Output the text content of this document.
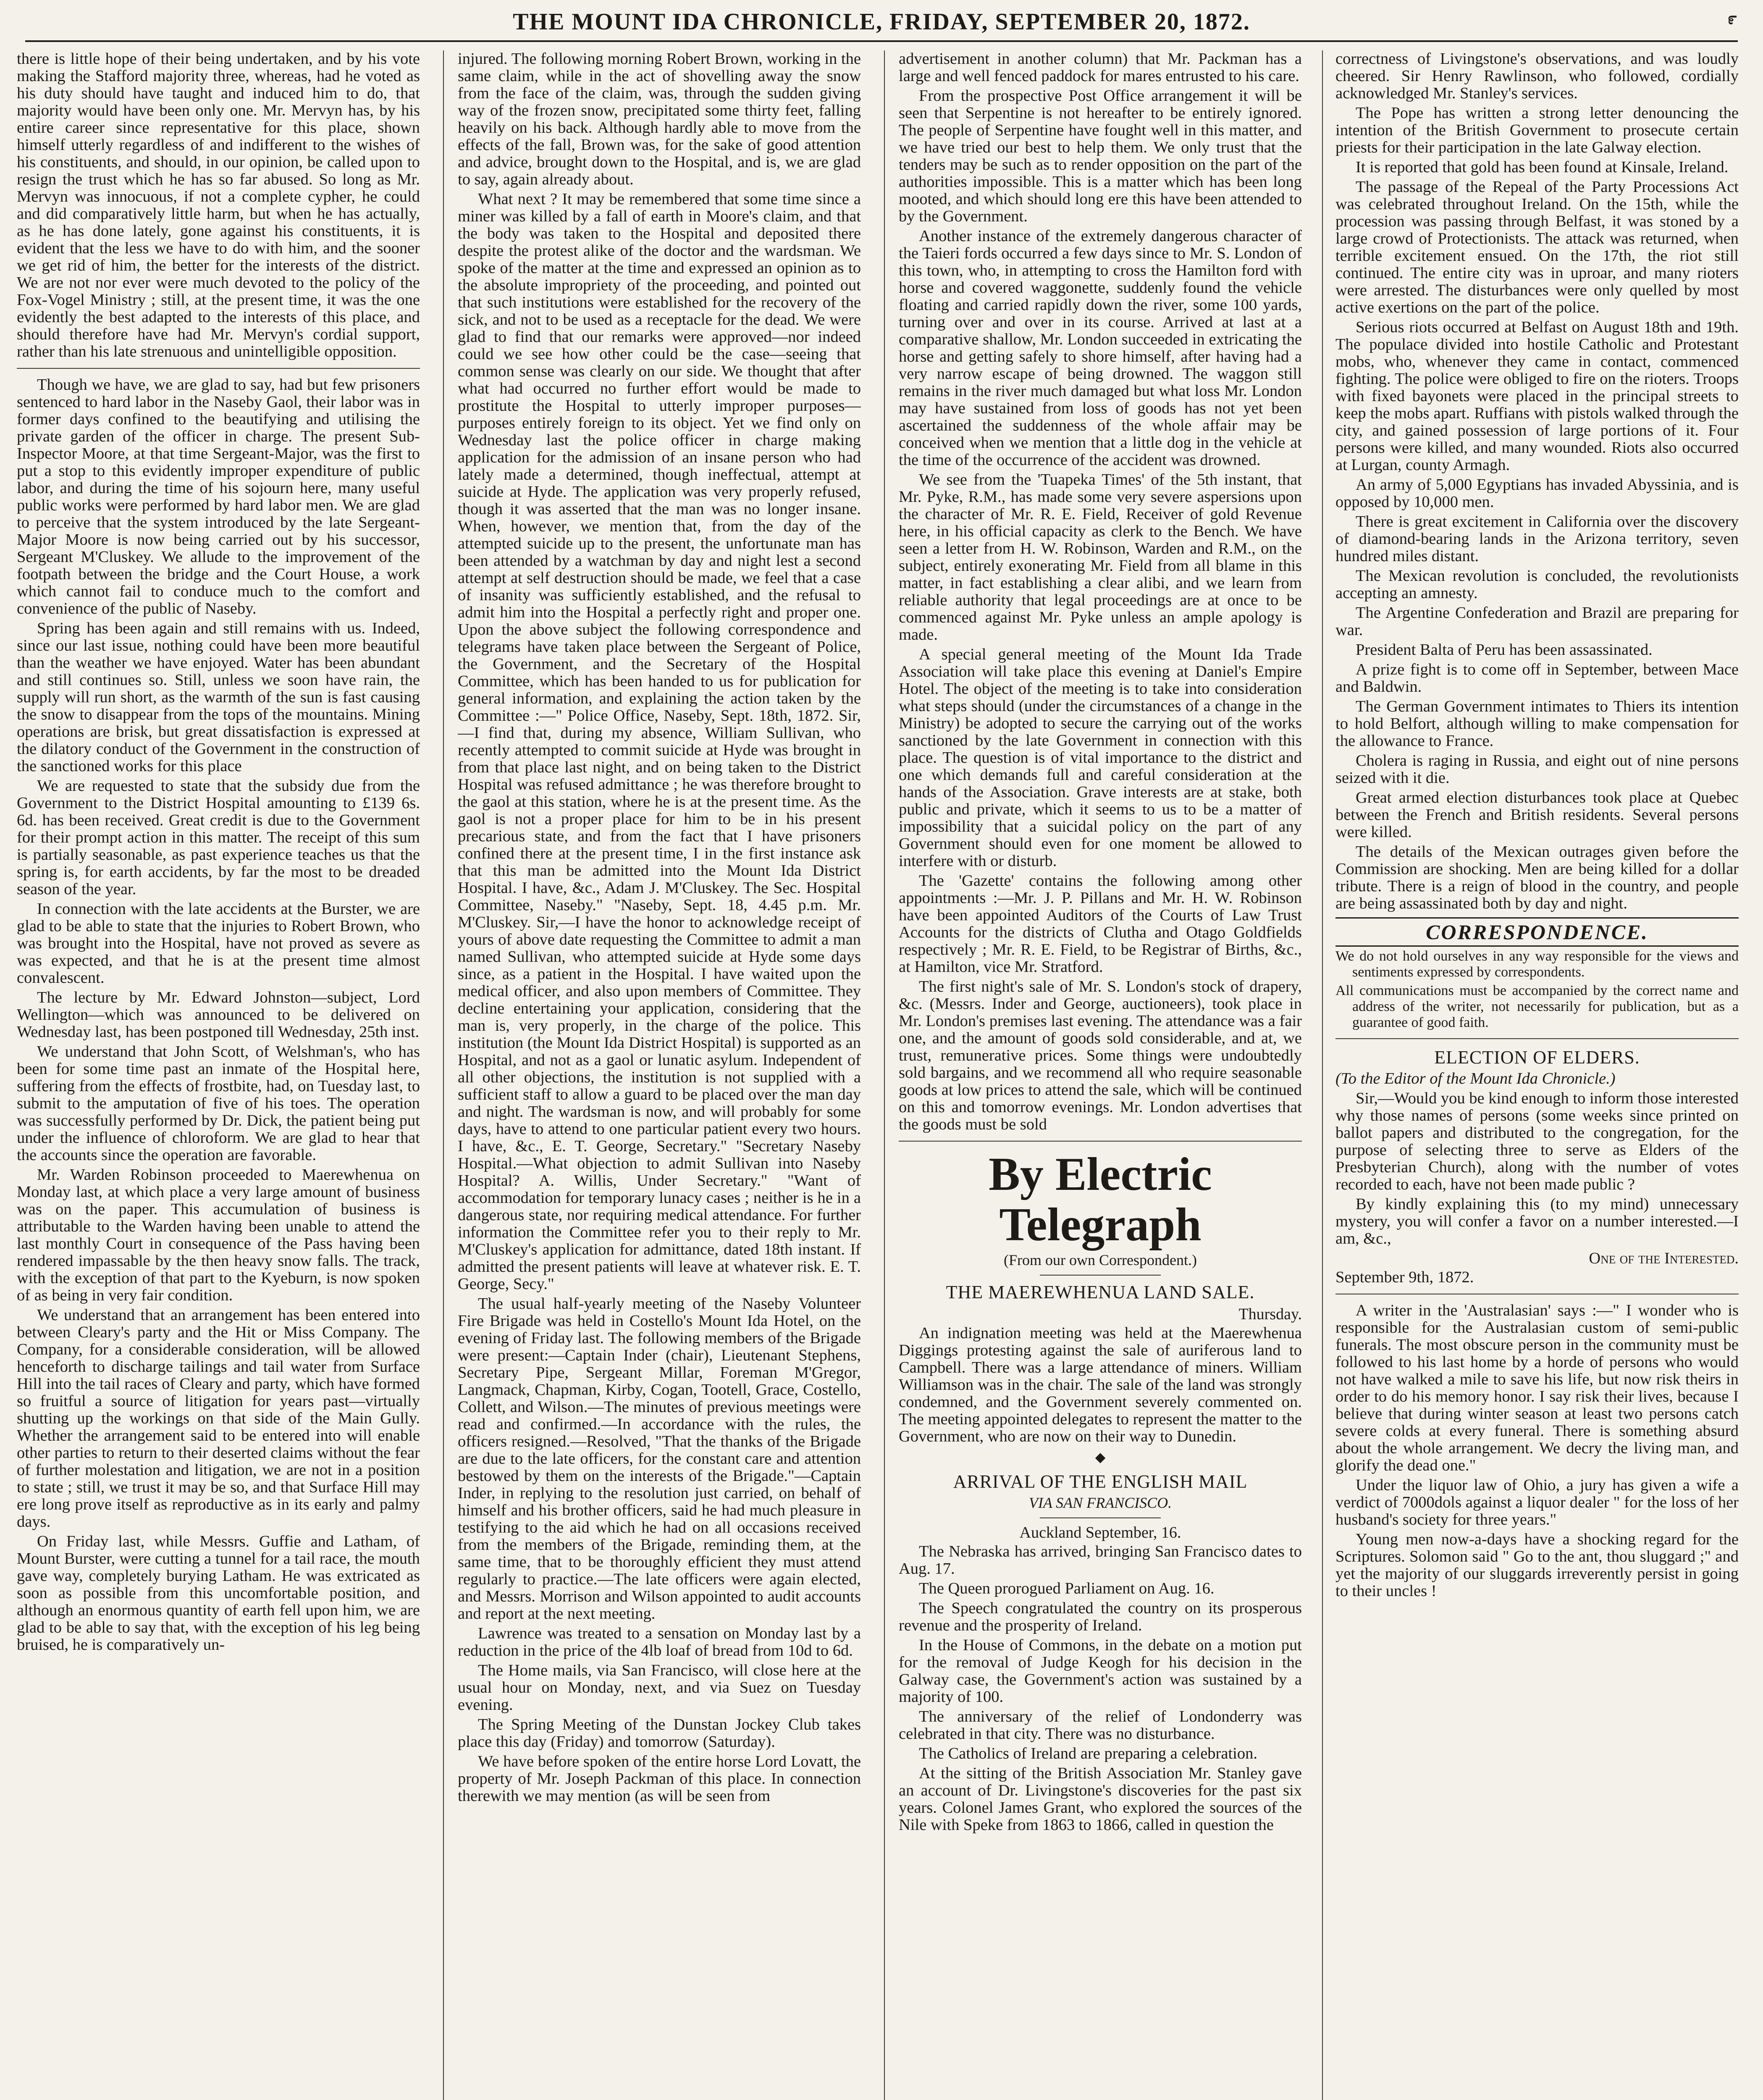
THE MOUNT IDA CHRONICLE, FRIDAY, SEPTEMBER 20, 1872.	೯

there is little hope of their being undertaken, and by his vote making the Stafford majority three, whereas, had he voted as his duty should have taught and induced him to do, that majority would have been only one. Mr. Mervyn has, by his entire career since representative for this place, shown himself utterly regardless of and indifferent to the wishes of his constituents, and should, in our opinion, be called upon to resign the trust which he has so far abused. So long as Mr. Mervyn was innocuous, if not a complete cypher, he could and did comparatively little harm, but when he has actually, as he has done lately, gone against his constituents, it is evident that the less we have to do with him, and the sooner we get rid of him, the better for the interests of the district. We are not nor ever were much devoted to the policy of the Fox-Vogel Ministry ; still, at the present time, it was the one evidently the best adapted to the interests of this place, and should therefore have had Mr. Mervyn's cordial support, rather than his late strenuous and unintelligible opposition.

Though we have, we are glad to say, had but few prisoners sentenced to hard labor in the Naseby Gaol, their labor was in former days confined to the beautifying and utilising the private garden of the officer in charge. The present Sub-Inspector Moore, at that time Sergeant-Major, was the first to put a stop to this evidently improper expenditure of public labor, and during the time of his sojourn here, many useful public works were performed by hard labor men. We are glad to perceive that the system introduced by the late Sergeant-Major Moore is now being carried out by his successor, Sergeant M'Cluskey. We allude to the improvement of the footpath between the bridge and the Court House, a work which cannot fail to conduce much to the comfort and convenience of the public of Naseby.

Spring has been again and still remains with us. Indeed, since our last issue, nothing could have been more beautiful than the weather we have enjoyed. Water has been abundant and still continues so. Still, unless we soon have rain, the supply will run short, as the warmth of the sun is fast causing the snow to disappear from the tops of the mountains. Mining operations are brisk, but great dissatisfaction is expressed at the dilatory conduct of the Government in the construction of the sanctioned works for this place

We are requested to state that the subsidy due from the Government to the District Hospital amounting to £139 6s. 6d. has been received. Great credit is due to the Government for their prompt action in this matter. The receipt of this sum is partially seasonable, as past experience teaches us that the spring is, for earth accidents, by far the most to be dreaded season of the year.

In connection with the late accidents at the Burster, we are glad to be able to state that the injuries to Robert Brown, who was brought into the Hospital, have not proved as severe as was expected, and that he is at the present time almost convalescent.

The lecture by Mr. Edward Johnston—subject, Lord Wellington—which was announced to be delivered on Wednesday last, has been postponed till Wednesday, 25th inst.

We understand that John Scott, of Welshman's, who has been for some time past an inmate of the Hospital here, suffering from the effects of frostbite, had, on Tuesday last, to submit to the amputation of five of his toes. The operation was successfully performed by Dr. Dick, the patient being put under the influence of chloroform. We are glad to hear that the accounts since the operation are favorable.

Mr. Warden Robinson proceeded to Maerewhenua on Monday last, at which place a very large amount of business was on the paper. This accumulation of business is attributable to the Warden having been unable to attend the last monthly Court in consequence of the Pass having been rendered impassable by the then heavy snow falls. The track, with the exception of that part to the Kyeburn, is now spoken of as being in very fair condition.

We understand that an arrangement has been entered into between Cleary's party and the Hit or Miss Company. The Company, for a considerable consideration, will be allowed henceforth to discharge tailings and tail water from Surface Hill into the tail races of Cleary and party, which have formed so fruitful a source of litigation for years past—virtually shutting up the workings on that side of the Main Gully. Whether the arrangement said to be entered into will enable other parties to return to their deserted claims without the fear of further molestation and litigation, we are not in a position to state ; still, we trust it may be so, and that Surface Hill may ere long prove itself as reproductive as in its early and palmy days.

On Friday last, while Messrs. Guffie and Latham, of Mount Burster, were cutting a tunnel for a tail race, the mouth gave way, completely burying Latham. He was extricated as soon as possible from this uncomfortable position, and although an enormous quantity of earth fell upon him, we are glad to be able to say that, with the exception of his leg being bruised, he is comparatively un-

injured. The following morning Robert Brown, working in the same claim, while in the act of shovelling away the snow from the face of the claim, was, through the sudden giving way of the frozen snow, precipitated some thirty feet, falling heavily on his back. Although hardly able to move from the effects of the fall, Brown was, for the sake of good attention and advice, brought down to the Hospital, and is, we are glad to say, again already about.

What next ? It may be remembered that some time since a miner was killed by a fall of earth in Moore's claim, and that the body was taken to the Hospital and deposited there despite the protest alike of the doctor and the wardsman. We spoke of the matter at the time and expressed an opinion as to the absolute impropriety of the proceeding, and pointed out that such institutions were established for the recovery of the sick, and not to be used as a receptacle for the dead. We were glad to find that our remarks were approved—nor indeed could we see how other could be the case—seeing that common sense was clearly on our side. We thought that after what had occurred no further effort would be made to prostitute the Hospital to utterly improper purposes—purposes entirely foreign to its object. Yet we find only on Wednesday last the police officer in charge making application for the admission of an insane person who had lately made a determined, though ineffectual, attempt at suicide at Hyde. The application was very properly refused, though it was asserted that the man was no longer insane. When, however, we mention that, from the day of the attempted suicide up to the present, the unfortunate man has been attended by a watchman by day and night lest a second attempt at self destruction should be made, we feel that a case of insanity was sufficiently established, and the refusal to admit him into the Hospital a perfectly right and proper one. Upon the above subject the following correspondence and telegrams have taken place between the Sergeant of Police, the Government, and the Secretary of the Hospital Committee, which has been handed to us for publication for general information, and explaining the action taken by the Committee :—" Police Office, Naseby, Sept. 18th, 1872. Sir,—I find that, during my absence, William Sullivan, who recently attempted to commit suicide at Hyde was brought in from that place last night, and on being taken to the District Hospital was refused admittance ; he was therefore brought to the gaol at this station, where he is at the present time. As the gaol is not a proper place for him to be in his present precarious state, and from the fact that I have prisoners confined there at the present time, I in the first instance ask that this man be admitted into the Mount Ida District Hospital. I have, &c., Adam J. M'Cluskey. The Sec. Hospital Committee, Naseby." "Naseby, Sept. 18, 4.45 p.m. Mr. M'Cluskey. Sir,—I have the honor to acknowledge receipt of yours of above date requesting the Committee to admit a man named Sullivan, who attempted suicide at Hyde some days since, as a patient in the Hospital. I have waited upon the medical officer, and also upon members of Committee. They decline entertaining your application, considering that the man is, very properly, in the charge of the police. This institution (the Mount Ida District Hospital) is supported as an Hospital, and not as a gaol or lunatic asylum. Independent of all other objections, the institution is not supplied with a sufficient staff to allow a guard to be placed over the man day and night. The wardsman is now, and will probably for some days, have to attend to one particular patient every two hours. I have, &c., E. T. George, Secretary." "Secretary Naseby Hospital.—What objection to admit Sullivan into Naseby Hospital? A. Willis, Under Secretary." "Want of accommodation for temporary lunacy cases ; neither is he in a dangerous state, nor requiring medical attendance. For further information the Committee refer you to their reply to Mr. M'Cluskey's application for admittance, dated 18th instant. If admitted the present patients will leave at whatever risk. E. T. George, Secy."

The usual half-yearly meeting of the Naseby Volunteer Fire Brigade was held in Costello's Mount Ida Hotel, on the evening of Friday last. The following members of the Brigade were present:—Captain Inder (chair), Lieutenant Stephens, Secretary Pipe, Sergeant Millar, Foreman M'Gregor, Langmack, Chapman, Kirby, Cogan, Tootell, Grace, Costello, Collett, and Wilson.—The minutes of previous meetings were read and confirmed.—In accordance with the rules, the officers resigned.—Resolved, "That the thanks of the Brigade are due to the late officers, for the constant care and attention bestowed by them on the interests of the Brigade."—Captain Inder, in replying to the resolution just carried, on behalf of himself and his brother officers, said he had much pleasure in testifying to the aid which he had on all occasions received from the members of the Brigade, reminding them, at the same time, that to be thoroughly efficient they must attend regularly to practice.—The late officers were again elected, and Messrs. Morrison and Wilson appointed to audit accounts and report at the next meeting.

Lawrence was treated to a sensation on Monday last by a reduction in the price of the 4lb loaf of bread from 10d to 6d.

The Home mails, via San Francisco, will close here at the usual hour on Monday, next, and via Suez on Tuesday evening.

The Spring Meeting of the Dunstan Jockey Club takes place this day (Friday) and tomorrow (Saturday).

We have before spoken of the entire horse Lord Lovatt, the property of Mr. Joseph Packman of this place. In connection therewith we may mention (as will be seen from

advertisement in another column) that Mr. Packman has a large and well fenced paddock for mares entrusted to his care.

From the prospective Post Office arrangement it will be seen that Serpentine is not hereafter to be entirely ignored. The people of Serpentine have fought well in this matter, and we have tried our best to help them. We only trust that the tenders may be such as to render opposition on the part of the authorities impossible. This is a matter which has been long mooted, and which should long ere this have been attended to by the Government.

Another instance of the extremely dangerous character of the Taieri fords occurred a few days since to Mr. S. London of this town, who, in attempting to cross the Hamilton ford with horse and covered waggonette, suddenly found the vehicle floating and carried rapidly down the river, some 100 yards, turning over and over in its course. Arrived at last at a comparative shallow, Mr. London succeeded in extricating the horse and getting safely to shore himself, after having had a very narrow escape of being drowned. The waggon still remains in the river much damaged but what loss Mr. London may have sustained from loss of goods has not yet been ascertained the suddenness of the whole affair may be conceived when we mention that a little dog in the vehicle at the time of the occurrence of the accident was drowned.

We see from the 'Tuapeka Times' of the 5th instant, that Mr. Pyke, R.M., has made some very severe aspersions upon the character of Mr. R. E. Field, Receiver of gold Revenue here, in his official capacity as clerk to the Bench. We have seen a letter from H. W. Robinson, Warden and R.M., on the subject, entirely exonerating Mr. Field from all blame in this matter, in fact establishing a clear alibi, and we learn from reliable authority that legal proceedings are at once to be commenced against Mr. Pyke unless an ample apology is made.

A special general meeting of the Mount Ida Trade Association will take place this evening at Daniel's Empire Hotel. The object of the meeting is to take into consideration what steps should (under the circumstances of a change in the Ministry) be adopted to secure the carrying out of the works sanctioned by the late Government in connection with this place. The question is of vital importance to the district and one which demands full and careful consideration at the hands of the Association. Grave interests are at stake, both public and private, which it seems to us to be a matter of impossibility that a suicidal policy on the part of any Government should even for one moment be allowed to interfere with or disturb.

The 'Gazette' contains the following among other appointments :—Mr. J. P. Pillans and Mr. H. W. Robinson have been appointed Auditors of the Courts of Law Trust Accounts for the districts of Clutha and Otago Goldfields respectively ; Mr. R. E. Field, to be Registrar of Births, &c., at Hamilton, vice Mr. Stratford.

The first night's sale of Mr. S. London's stock of drapery, &c. (Messrs. Inder and George, auctioneers), took place in Mr. London's premises last evening. The attendance was a fair one, and the amount of goods sold considerable, and at, we trust, remunerative prices. Some things were undoubtedly sold bargains, and we recommend all who require seasonable goods at low prices to attend the sale, which will be continued on this and tomorrow evenings. Mr. London advertises that the goods must be sold

By Electric Telegraph
(From our own Correspondent.)
THE MAEREWHENUA LAND SALE.
Thursday.

An indignation meeting was held at the Maerewhenua Diggings protesting against the sale of auriferous land to Campbell. There was a large attendance of miners. William Williamson was in the chair. The sale of the land was strongly condemned, and the Government severely commented on. The meeting appointed delegates to represent the matter to the Government, who are now on their way to Dunedin.

◆
ARRIVAL OF THE ENGLISH MAIL
VIA SAN FRANCISCO.
Auckland September, 16.

The Nebraska has arrived, bringing San Francisco dates to Aug. 17.

The Queen prorogued Parliament on Aug. 16.

The Speech congratulated the country on its prosperous revenue and the prosperity of Ireland.

In the House of Commons, in the debate on a motion put for the removal of Judge Keogh for his decision in the Galway case, the Government's action was sustained by a majority of 100.

The anniversary of the relief of Londonderry was celebrated in that city. There was no disturbance.

The Catholics of Ireland are preparing a celebration.

At the sitting of the British Association Mr. Stanley gave an account of Dr. Livingstone's discoveries for the past six years. Colonel James Grant, who explored the sources of the Nile with Speke from 1863 to 1866, called in question the

correctness of Livingstone's observations, and was loudly cheered. Sir Henry Rawlinson, who followed, cordially acknowledged Mr. Stanley's services.

The Pope has written a strong letter denouncing the intention of the British Government to prosecute certain priests for their participation in the late Galway election.

It is reported that gold has been found at Kinsale, Ireland.

The passage of the Repeal of the Party Processions Act was celebrated throughout Ireland. On the 15th, while the procession was passing through Belfast, it was stoned by a large crowd of Protectionists. The attack was returned, when terrible excitement ensued. On the 17th, the riot still continued. The entire city was in uproar, and many rioters were arrested. The disturbances were only quelled by most active exertions on the part of the police.

Serious riots occurred at Belfast on August 18th and 19th. The populace divided into hostile Catholic and Protestant mobs, who, whenever they came in contact, commenced fighting. The police were obliged to fire on the rioters. Troops with fixed bayonets were placed in the principal streets to keep the mobs apart. Ruffians with pistols walked through the city, and gained possession of large portions of it. Four persons were killed, and many wounded. Riots also occurred at Lurgan, county Armagh.

An army of 5,000 Egyptians has invaded Abyssinia, and is opposed by 10,000 men.

There is great excitement in California over the discovery of diamond-bearing lands in the Arizona territory, seven hundred miles distant.

The Mexican revolution is concluded, the revolutionists accepting an amnesty.

The Argentine Confederation and Brazil are preparing for war.

President Balta of Peru has been assassinated.

A prize fight is to come off in September, between Mace and Baldwin.

The German Government intimates to Thiers its intention to hold Belfort, although willing to make compensation for the allowance to France.

Cholera is raging in Russia, and eight out of nine persons seized with it die.

Great armed election disturbances took place at Quebec between the French and British residents. Several persons were killed.

The details of the Mexican outrages given before the Commission are shocking. Men are being killed for a dollar tribute. There is a reign of blood in the country, and people are being assassinated both by day and night.

CORRESPONDENCE.

We do not hold ourselves in any way responsible for the views and sentiments expressed by correspondents.

All communications must be accompanied by the correct name and address of the writer, not necessarily for publication, but as a guarantee of good faith.

ELECTION OF ELDERS.

(To the Editor of the Mount Ida Chronicle.)

Sir,—Would you be kind enough to inform those interested why those names of persons (some weeks since printed on ballot papers and distributed to the congregation, for the purpose of selecting three to serve as Elders of the Presbyterian Church), along with the number of votes recorded to each, have not been made public ?

By kindly explaining this (to my mind) unnecessary mystery, you will confer a favor on a number interested.—I am, &c.,

One of the Interested.

September 9th, 1872.

A writer in the 'Australasian' says :—" I wonder who is responsible for the Australasian custom of semi-public funerals. The most obscure person in the community must be followed to his last home by a horde of persons who would not have walked a mile to save his life, but now risk theirs in order to do his memory honor. I say risk their lives, because I believe that during winter season at least two persons catch severe colds at every funeral. There is something absurd about the whole arrangement. We decry the living man, and glorify the dead one."

Under the liquor law of Ohio, a jury has given a wife a verdict of 7000dols against a liquor dealer " for the loss of her husband's society for three years."

Young men now-a-days have a shocking regard for the Scriptures. Solomon said " Go to the ant, thou sluggard ;" and yet the majority of our sluggards irreverently persist in going to their uncles !
